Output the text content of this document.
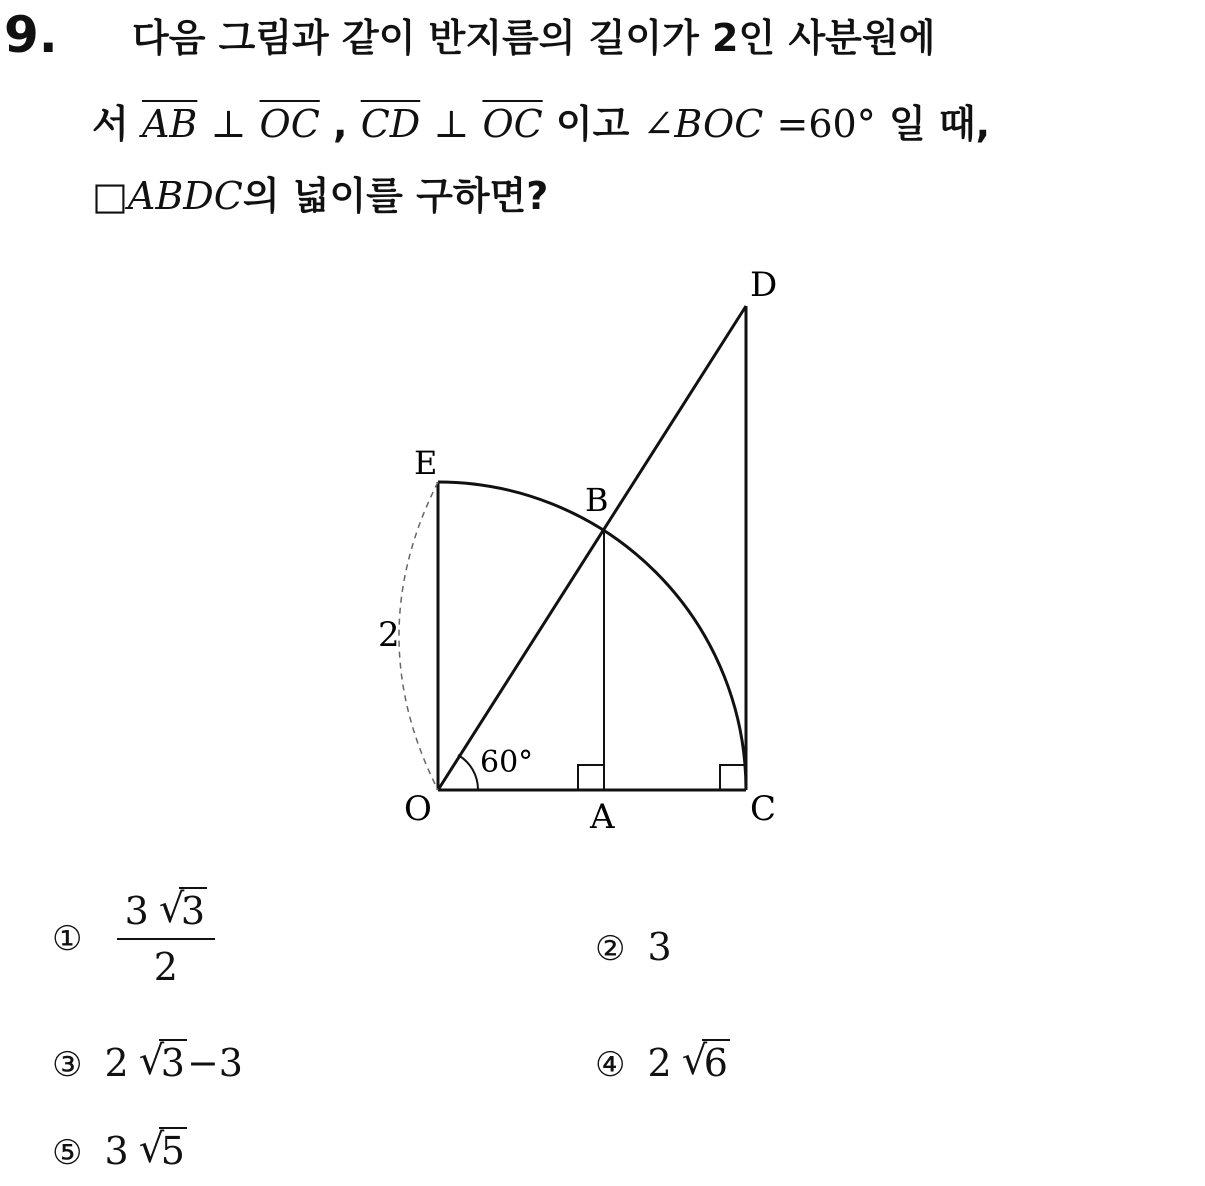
9. 다음 그림과 같이 반지름의 길이가 2인 사분원에
서 $\overline{AB}$ ⊥ $\overline{OC}$ , $\overline{CD}$ ⊥ $\overline{OC}$ 이고 ∠BOC =60° 일 때,
□ABDC의 넓이를 구하면?
D
E
B
2
60°
O	A	C
① $\frac{3 √ 3}{2}$	② 3
③ 2 √ 3−3	④ 2 √ 6
⑤ 3 √ 5
